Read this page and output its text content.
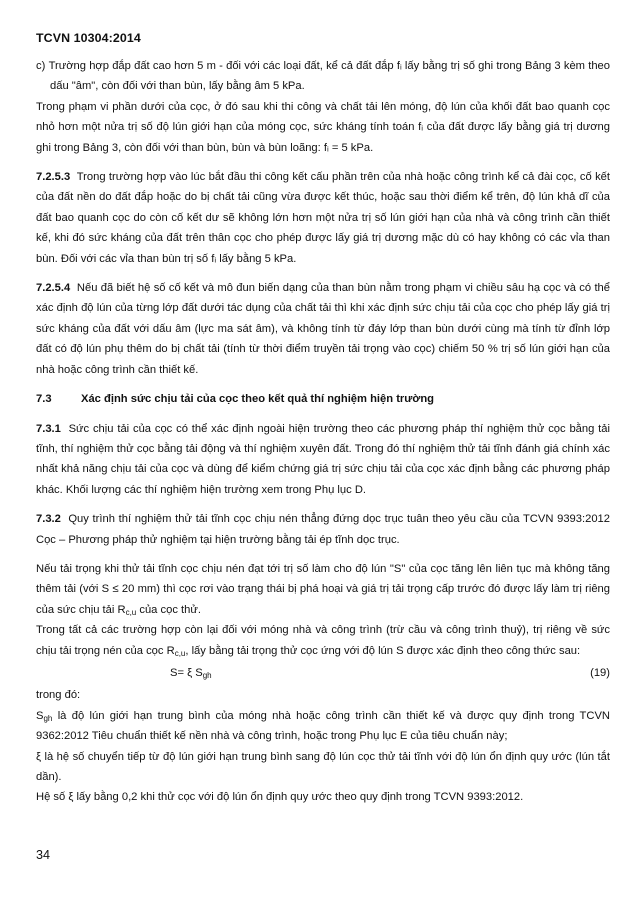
TCVN 10304:2014
c) Trường hợp đắp đất cao hơn 5 m - đối với các loại đất, kể cả đất đắp fᵢ lấy bằng trị số ghi trong Bảng 3 kèm theo dấu "âm", còn đối với than bùn, lấy bằng âm 5 kPa.
Trong phạm vi phần dưới của cọc, ở đó sau khi thi công và chất tải lên móng, độ lún của khối đất bao quanh cọc nhỏ hơn một nửa trị số độ lún giới hạn của móng cọc, sức kháng tính toán fᵢ của đất được lấy bằng giá trị dương ghi trong Bảng 3, còn đối với than bùn, bùn và bùn loãng: fᵢ = 5 kPa.
7.2.5.3 Trong trường hợp vào lúc bắt đầu thi công kết cấu phần trên của nhà hoặc công trình kể cả đài cọc, cố kết của đất nền do đất đắp hoặc do bị chất tải cũng vừa được kết thúc, hoặc sau thời điểm kể trên, độ lún khả dĩ của đất bao quanh cọc do còn cố kết dư sẽ không lớn hơn một nửa trị số lún giới hạn của nhà và công trình cần thiết kế, khi đó sức kháng của đất trên thân cọc cho phép được lấy giá trị dương mặc dù có hay không có các vỉa than bùn. Đối với các vỉa than bùn trị số fᵢ lấy bằng 5 kPa.
7.2.5.4 Nếu đã biết hệ số cố kết và mô đun biến dạng của than bùn nằm trong phạm vi chiều sâu hạ cọc và có thể xác định độ lún của từng lớp đất dưới tác dụng của chất tải thì khi xác định sức chịu tải của cọc cho phép lấy giá trị sức kháng của đất với dấu âm (lực ma sát âm), và không tính từ đáy lớp than bùn dưới cùng mà tính từ đỉnh lớp đất có độ lún phụ thêm do bị chất tải (tính từ thời điểm truyền tải trọng vào cọc) chiếm 50 % trị số lún giới hạn của nhà hoặc công trình cần thiết kế.
7.3	Xác định sức chịu tải của cọc theo kết quả thí nghiệm hiện trường
7.3.1 Sức chịu tải của cọc có thể xác định ngoài hiện trường theo các phương pháp thí nghiệm thử cọc bằng tải tĩnh, thí nghiệm thử cọc bằng tải động và thí nghiệm xuyên đất. Trong đó thí nghiệm thử tải tĩnh đánh giá chính xác nhất khả năng chịu tải của cọc và dùng để kiểm chứng giá trị sức chịu tải của cọc xác định bằng các phương pháp khác. Khối lượng các thí nghiệm hiện trường xem trong Phụ lục D.
7.3.2 Quy trình thí nghiệm thử tải tĩnh cọc chịu nén thẳng đứng dọc trục tuân theo yêu cầu của TCVN 9393:2012 Cọc – Phương pháp thử nghiệm tại hiện trường bằng tải ép tĩnh dọc trục.
Nếu tải trọng khi thử tải tĩnh cọc chịu nén đạt tới trị số làm cho độ lún "S" của cọc tăng lên liên tục mà không tăng thêm tải (với S ≤ 20 mm) thì cọc rơi vào trạng thái bị phá hoại và giá trị tải trọng cấp trước đó được lấy làm trị riêng của sức chịu tải $R_{c,u}$ của cọc thử.
Trong tất cả các trường hợp còn lại đối với móng nhà và công trình (trừ cầu và công trình thuỷ), trị riêng về sức chịu tải trọng nén của cọc $R_{c,u}$, lấy bằng tải trọng thử cọc ứng với độ lún S được xác định theo công thức sau:
S= ξ $S_{gh}$	(19)
trong đó:
$S_{gh}$ là độ lún giới hạn trung bình của móng nhà hoặc công trình cần thiết kế và được quy định trong TCVN 9362:2012 Tiêu chuẩn thiết kế nền nhà và công trình, hoặc trong Phụ lục E của tiêu chuẩn này;
ξ là hệ số chuyển tiếp từ độ lún giới hạn trung bình sang độ lún cọc thử tải tĩnh với độ lún ổn định quy ước (lún tắt dần).
Hệ số ξ lấy bằng 0,2 khi thử cọc với độ lún ổn định quy ước theo quy định trong TCVN 9393:2012.
34
